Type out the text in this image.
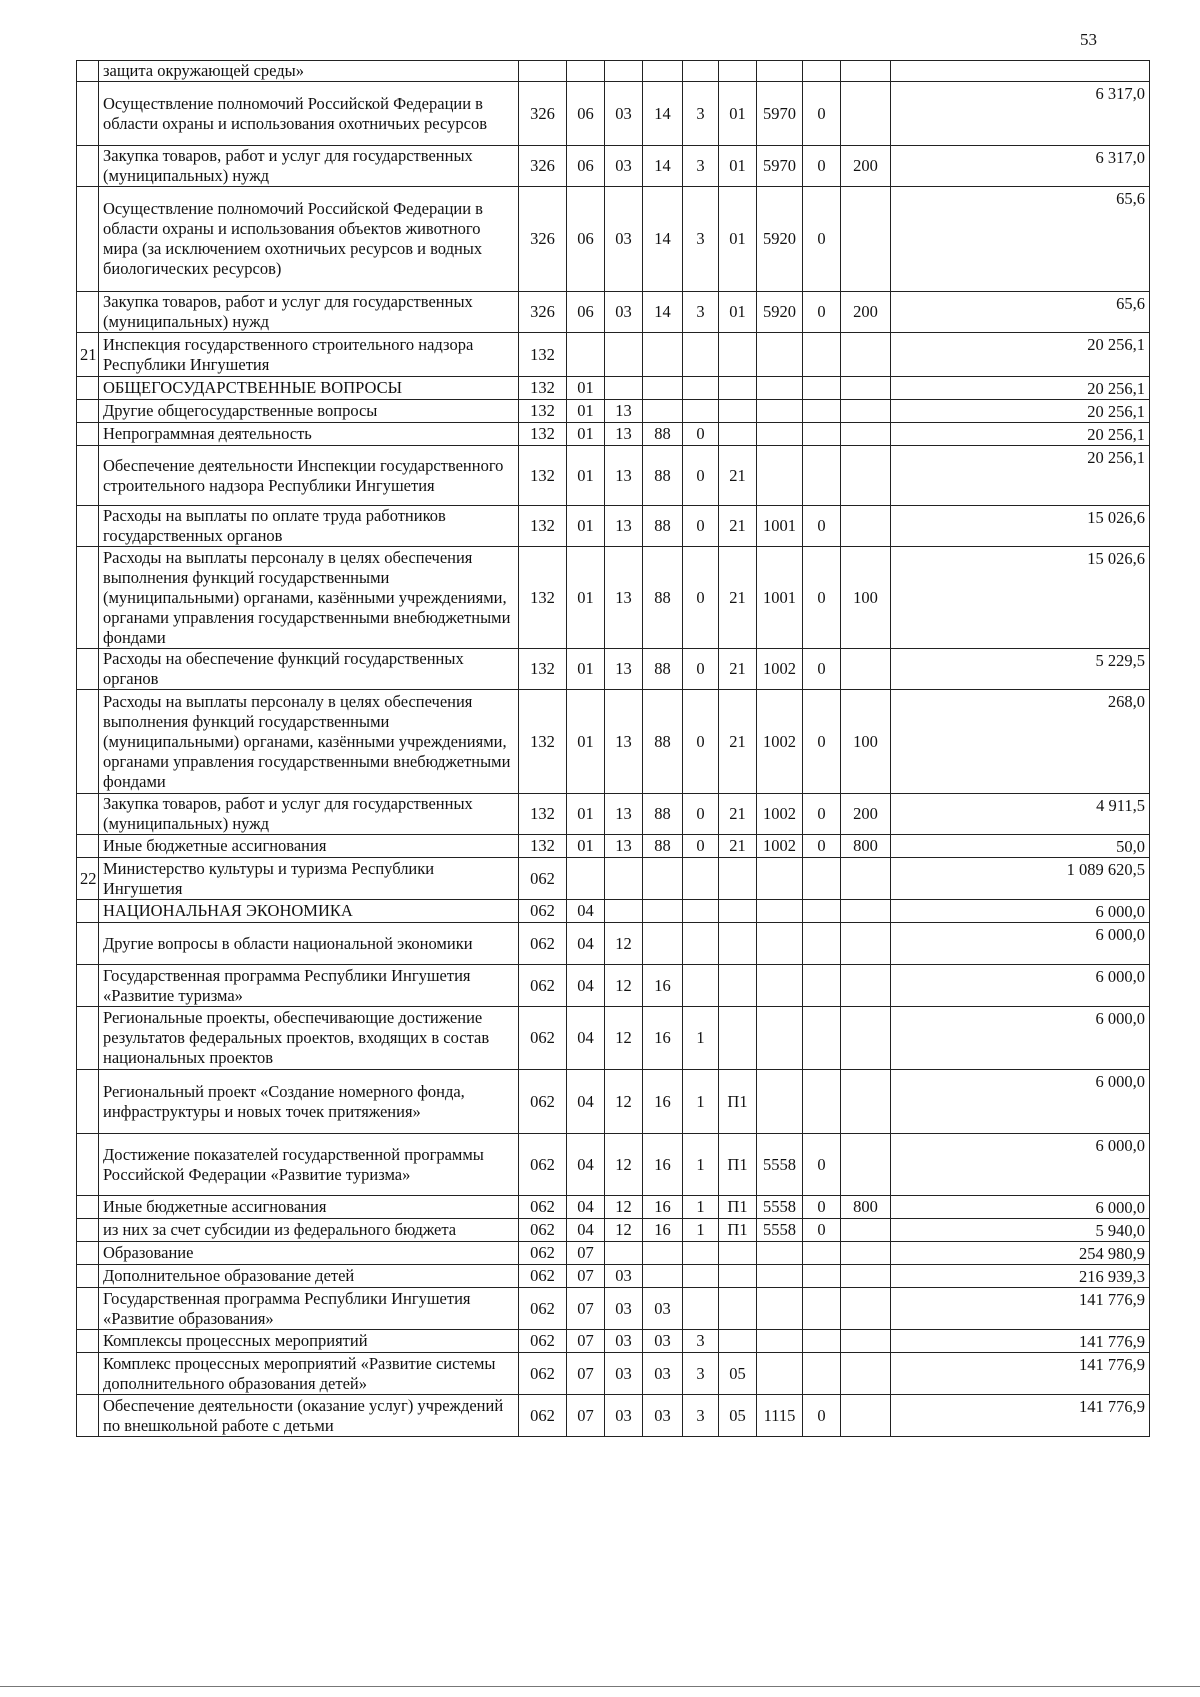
53
	защита окружающей среды»										
	Осуществление полномочий Российской Федерации в области охраны и использования охотничьих ресурсов	326	06	03	14	3	01	5970	0		6 317,0
	Закупка товаров, работ и услуг для государственных (муниципальных) нужд	326	06	03	14	3	01	5970	0	200	6 317,0
	Осуществление полномочий Российской Федерации в области охраны и использования объектов животного мира (за исключением охотничьих ресурсов и водных биологических ресурсов)	326	06	03	14	3	01	5920	0		65,6
	Закупка товаров, работ и услуг для государственных (муниципальных) нужд	326	06	03	14	3	01	5920	0	200	65,6
21	Инспекция государственного строительного надзора Республики Ингушетия	132									20 256,1
	ОБЩЕГОСУДАРСТВЕННЫЕ ВОПРОСЫ	132	01								20 256,1
	Другие общегосударственные вопросы	132	01	13							20 256,1
	Непрограммная деятельность	132	01	13	88	0					20 256,1
	Обеспечение деятельности Инспекции государственного строительного надзора Республики Ингушетия	132	01	13	88	0	21				20 256,1
	Расходы на выплаты по оплате труда работников государственных органов	132	01	13	88	0	21	1001	0		15 026,6
	Расходы на выплаты персоналу в целях обеспечения выполнения функций государственными (муниципальными) органами, казёнными учреждениями, органами управления государственными внебюджетными фондами	132	01	13	88	0	21	1001	0	100	15 026,6
	Расходы на обеспечение функций государственных органов	132	01	13	88	0	21	1002	0		5 229,5
	Расходы на выплаты персоналу в целях обеспечения выполнения функций государственными (муниципальными) органами, казёнными учреждениями, органами управления государственными внебюджетными фондами	132	01	13	88	0	21	1002	0	100	268,0
	Закупка товаров, работ и услуг для государственных (муниципальных) нужд	132	01	13	88	0	21	1002	0	200	4 911,5
	Иные бюджетные ассигнования	132	01	13	88	0	21	1002	0	800	50,0
22	Министерство культуры и туризма Республики Ингушетия	062									1 089 620,5
	НАЦИОНАЛЬНАЯ ЭКОНОМИКА	062	04								6 000,0
	Другие вопросы в области национальной экономики	062	04	12							6 000,0
	Государственная программа Республики Ингушетия «Развитие туризма»	062	04	12	16						6 000,0
	Региональные проекты, обеспечивающие достижение результатов федеральных проектов, входящих в состав национальных проектов	062	04	12	16	1					6 000,0
	Региональный проект «Создание номерного фонда, инфраструктуры и новых точек притяжения»	062	04	12	16	1	П1				6 000,0
	Достижение показателей государственной программы Российской Федерации «Развитие туризма»	062	04	12	16	1	П1	5558	0		6 000,0
	Иные бюджетные ассигнования	062	04	12	16	1	П1	5558	0	800	6 000,0
	из них за счет субсидии из федерального бюджета	062	04	12	16	1	П1	5558	0		5 940,0
	Образование	062	07								254 980,9
	Дополнительное образование детей	062	07	03							216 939,3
	Государственная программа Республики Ингушетия «Развитие образования»	062	07	03	03						141 776,9
	Комплексы процессных мероприятий	062	07	03	03	3					141 776,9
	Комплекс процессных мероприятий «Развитие системы дополнительного образования детей»	062	07	03	03	3	05				141 776,9
	Обеспечение деятельности (оказание услуг) учреждений по внешкольной работе с детьми	062	07	03	03	3	05	1115	0		141 776,9
